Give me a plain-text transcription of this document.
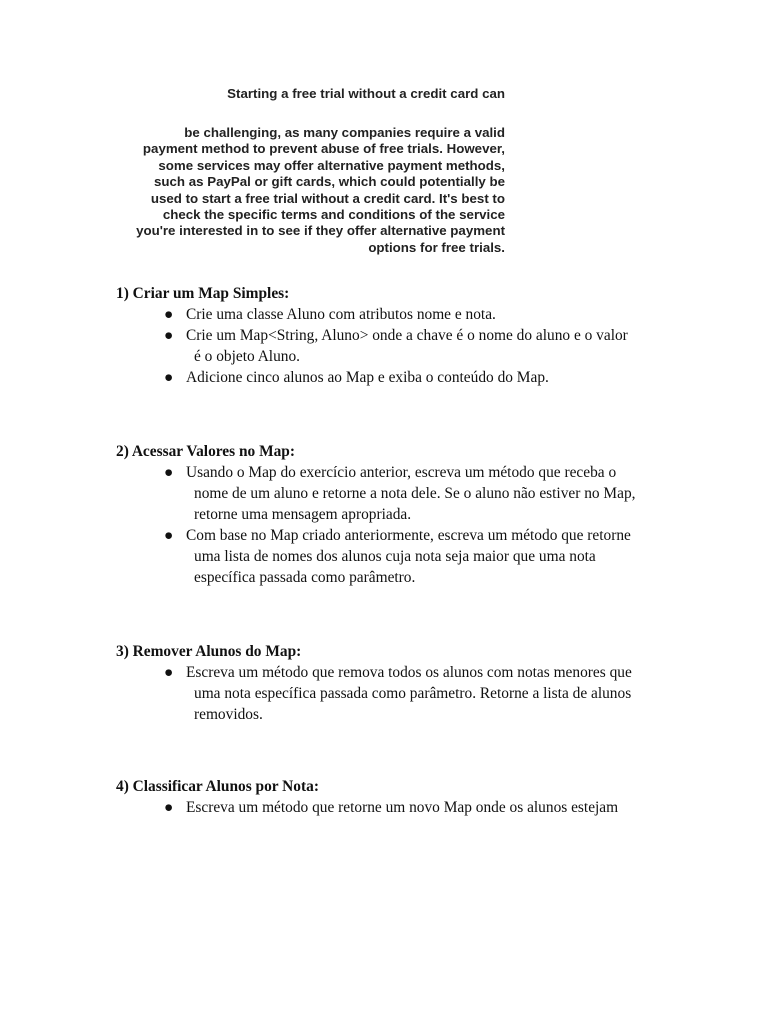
Starting a free trial without a credit card can
be challenging, as many companies require a valid
payment method to prevent abuse of free trials. However,
some services may offer alternative payment methods,
such as PayPal or gift cards, which could potentially be
used to start a free trial without a credit card. It's best to
check the specific terms and conditions of the service
you're interested in to see if they offer alternative payment
options for free trials.

1) Criar um Map Simples:

● Crie uma classe Aluno com atributos nome e nota.
● Crie um Map<String, Aluno> onde a chave é o nome do aluno e o valor
é o objeto Aluno.
● Adicione cinco alunos ao Map e exiba o conteúdo do Map.

2) Acessar Valores no Map:

● Usando o Map do exercício anterior, escreva um método que receba o
nome de um aluno e retorne a nota dele. Se o aluno não estiver no Map,
retorne uma mensagem apropriada.
● Com base no Map criado anteriormente, escreva um método que retorne
uma lista de nomes dos alunos cuja nota seja maior que uma nota
específica passada como parâmetro.

3) Remover Alunos do Map:

● Escreva um método que remova todos os alunos com notas menores que
uma nota específica passada como parâmetro. Retorne a lista de alunos
removidos.

4) Classificar Alunos por Nota:

● Escreva um método que retorne um novo Map onde os alunos estejam
